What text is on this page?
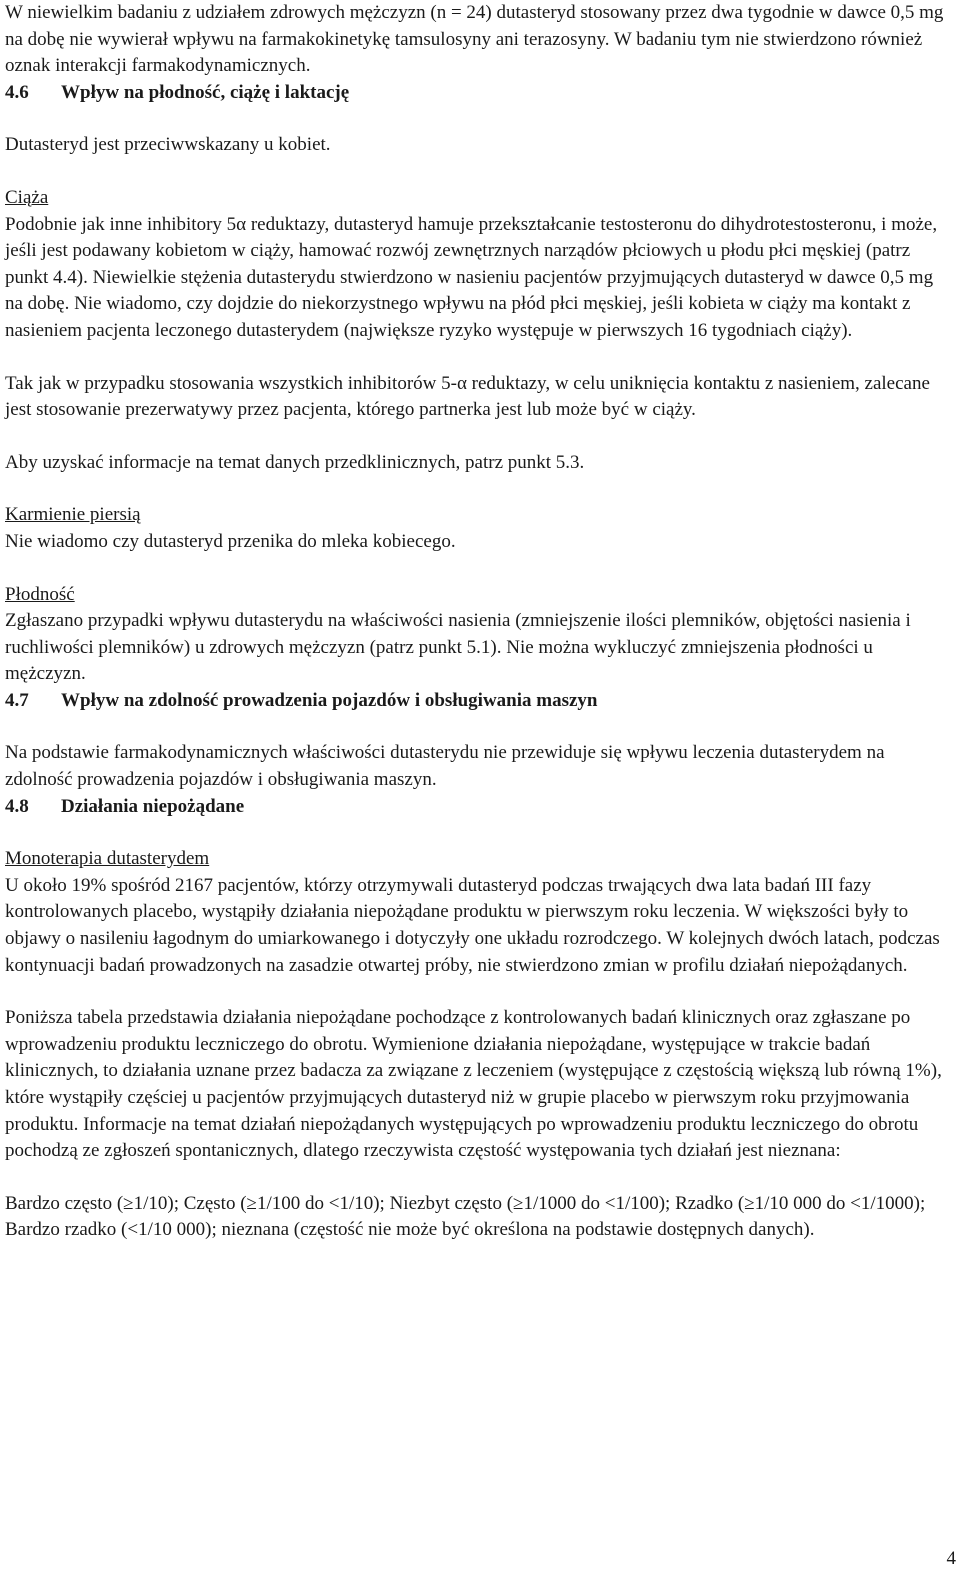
W niewielkim badaniu z udziałem zdrowych mężczyzn (n = 24) dutasteryd stosowany przez dwa tygodnie w dawce 0,5 mg na dobę nie wywierał wpływu na farmakokinetykę tamsulosyny ani terazosyny. W badaniu tym nie stwierdzono również oznak interakcji farmakodynamicznych.

4.6	Wpływ na płodność, ciążę i laktację

Dutasteryd jest przeciwwskazany u kobiet.

Ciąża

Podobnie jak inne inhibitory 5α reduktazy, dutasteryd hamuje przekształcanie testosteronu do dihydrotestosteronu, i może, jeśli jest podawany kobietom w ciąży, hamować rozwój zewnętrznych narządów płciowych u płodu płci męskiej (patrz punkt 4.4). Niewielkie stężenia dutasterydu stwierdzono w nasieniu pacjentów przyjmujących dutasteryd w dawce 0,5 mg na dobę. Nie wiadomo, czy dojdzie do niekorzystnego wpływu na płód płci męskiej, jeśli kobieta w ciąży ma kontakt z nasieniem pacjenta leczonego dutasterydem (największe ryzyko występuje w pierwszych 16 tygodniach ciąży).

Tak jak w przypadku stosowania wszystkich inhibitorów 5-α reduktazy, w celu uniknięcia kontaktu z nasieniem, zalecane jest stosowanie prezerwatywy przez pacjenta, którego partnerka jest lub może być w ciąży.

Aby uzyskać informacje na temat danych przedklinicznych, patrz punkt 5.3.

Karmienie piersią

Nie wiadomo czy dutasteryd przenika do mleka kobiecego.

Płodność

Zgłaszano przypadki wpływu dutasterydu na właściwości nasienia (zmniejszenie ilości plemników, objętości nasienia i ruchliwości plemników) u zdrowych mężczyzn (patrz punkt 5.1). Nie można wykluczyć zmniejszenia płodności u mężczyzn.

4.7	Wpływ na zdolność prowadzenia pojazdów i obsługiwania maszyn

Na podstawie farmakodynamicznych właściwości dutasterydu nie przewiduje się wpływu leczenia dutasterydem na zdolność prowadzenia pojazdów i obsługiwania maszyn.

4.8	Działania niepożądane
Monoterapia dutasterydem

U około 19% spośród 2167 pacjentów, którzy otrzymywali dutasteryd podczas trwających dwa lata badań III fazy kontrolowanych placebo, wystąpiły działania niepożądane produktu w pierwszym roku leczenia. W większości były to objawy o nasileniu łagodnym do umiarkowanego i dotyczyły one układu rozrodczego. W kolejnych dwóch latach, podczas kontynuacji badań prowadzonych na zasadzie otwartej próby, nie stwierdzono zmian w profilu działań niepożądanych.

Poniższa tabela przedstawia działania niepożądane pochodzące z kontrolowanych badań klinicznych oraz zgłaszane po wprowadzeniu produktu leczniczego do obrotu. Wymienione działania niepożądane, występujące w trakcie badań klinicznych, to działania uznane przez badacza za związane z leczeniem (występujące z częstością większą lub równą 1%), które wystąpiły częściej u pacjentów przyjmujących dutasteryd niż w grupie placebo w pierwszym roku przyjmowania produktu. Informacje na temat działań niepożądanych występujących po wprowadzeniu produktu leczniczego do obrotu pochodzą ze zgłoszeń spontanicznych, dlatego rzeczywista częstość występowania tych działań jest nieznana:

Bardzo często (≥1/10); Często (≥1/100 do <1/10); Niezbyt często (≥1/1000 do <1/100); Rzadko (≥1/10 000 do <1/1000); Bardzo rzadko (<1/10 000); nieznana (częstość nie może być określona na podstawie dostępnych danych).

4
